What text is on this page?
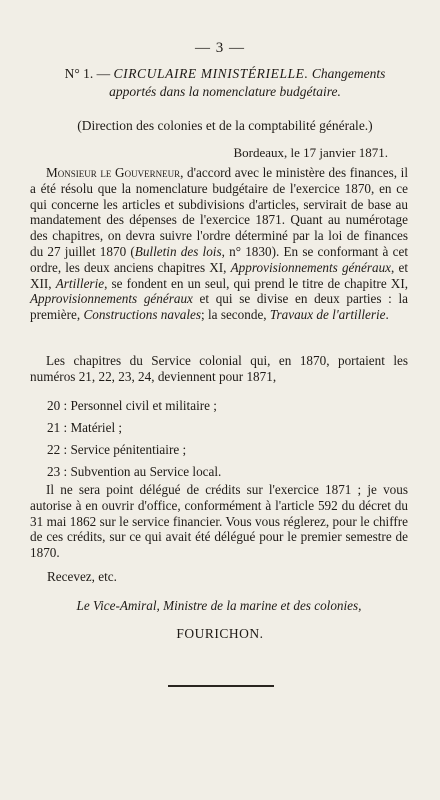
— 3 —
N° 1. — CIRCULAIRE MINISTÉRIELLE. Changements
apportés dans la nomenclature budgétaire.
(Direction des colonies et de la comptabilité générale.)
Bordeaux, le 17 janvier 1871.
Monsieur le Gouverneur, d'accord avec le ministère des finances, il a été résolu que la nomenclature budgétaire de l'exercice 1870, en ce qui concerne les articles et subdivisions d'articles, servirait de base au mandatement des dépenses de l'exercice 1871. Quant au numérotage des chapitres, on devra suivre l'ordre déterminé par la loi de finances du 27 juillet 1870 (Bulletin des lois, n° 1830). En se conformant à cet ordre, les deux anciens chapitres XI, Approvisionnements généraux, et XII, Artillerie, se fondent en un seul, qui prend le titre de chapitre XI, Approvisionnements généraux et qui se divise en deux parties : la première, Constructions navales; la seconde, Travaux de l'artillerie.
Les chapitres du Service colonial qui, en 1870, portaient les numéros 21, 22, 23, 24, deviennent pour 1871,
20 : Personnel civil et militaire ;
21 : Matériel ;
22 : Service pénitentiaire ;
23 : Subvention au Service local.
Il ne sera point délégué de crédits sur l'exercice 1871 ; je vous autorise à en ouvrir d'office, conformément à l'article 592 du décret du 31 mai 1862 sur le service financier. Vous vous réglerez, pour le chiffre de ces crédits, sur ce qui avait été délégué pour le premier semestre de 1870.
Recevez, etc.
Le Vice-Amiral, Ministre de la marine et des colonies,
FOURICHON.
